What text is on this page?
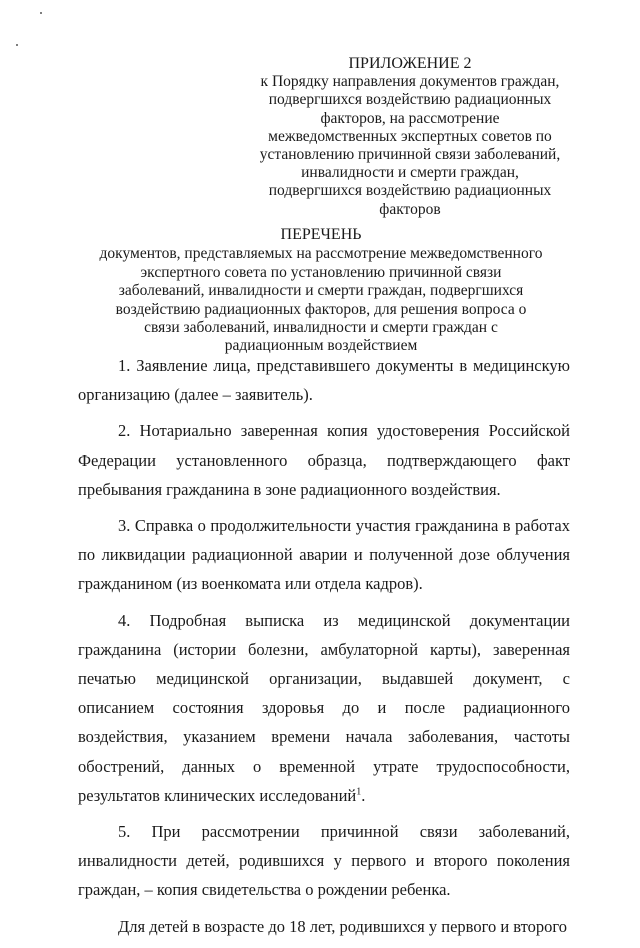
ПРИЛОЖЕНИЕ 2
к Порядку направления документов граждан, подвергшихся воздействию радиационных факторов, на рассмотрение межведомственных экспертных советов по установлению причинной связи заболеваний, инвалидности и смерти граждан, подвергшихся воздействию радиационных факторов
ПЕРЕЧЕНЬ
документов, представляемых на рассмотрение межведомственного экспертного совета по установлению причинной связи заболеваний, инвалидности и смерти граждан, подвергшихся воздействию радиационных факторов, для решения вопроса о связи заболеваний, инвалидности и смерти граждан с радиационным воздействием

1. Заявление лица, представившего документы в медицинскую организацию (далее – заявитель).

2. Нотариально заверенная копия удостоверения Российской Федерации установленного образца, подтверждающего факт пребывания гражданина в зоне радиационного воздействия.

3. Справка о продолжительности участия гражданина в работах по ликвидации радиационной аварии и полученной дозе облучения гражданином (из военкомата или отдела кадров).

4. Подробная выписка из медицинской документации гражданина (истории болезни, амбулаторной карты), заверенная печатью медицинской организации, выдавшей документ, с описанием состояния здоровья до и после радиационного воздействия, указанием времени начала заболевания, частоты обострений, данных о временной утрате трудоспособности, результатов клинических исследований$^1$.

5. При рассмотрении причинной связи заболеваний, инвалидности детей, родившихся у первого и второго поколения граждан, – копия свидетельства о рождении ребенка.

Для детей в возрасте до 18 лет, родившихся у первого и второго
